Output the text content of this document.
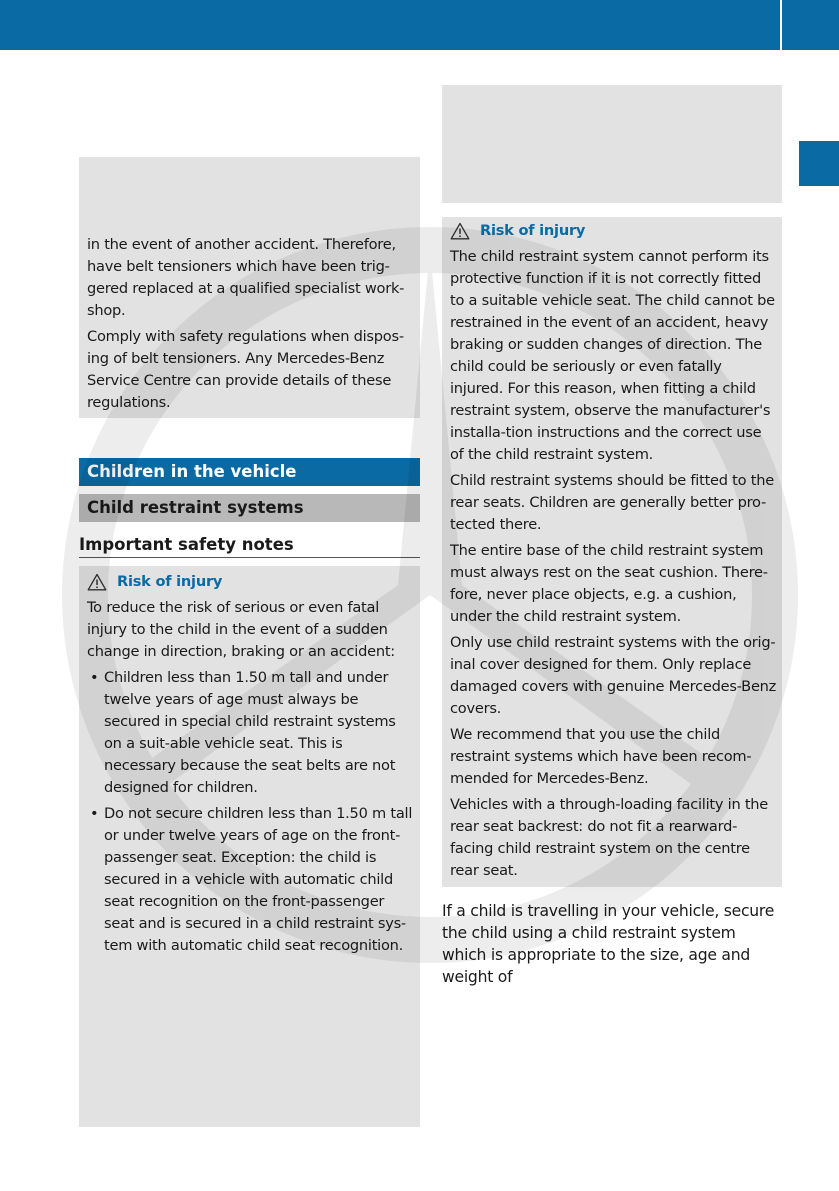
in the event of another accident. Therefore, have belt tensioners which have been trig-gered replaced at a qualified specialist work-shop.

Comply with safety regulations when dispos-ing of belt tensioners. Any Mercedes-Benz Service Centre can provide details of these regulations.

Children in the vehicle
Child restraint systems
Important safety notes
Risk of injury

To reduce the risk of serious or even fatal injury to the child in the event of a sudden change in direction, braking or an accident:

• Children less than 1.50 m tall and under twelve years of age must always be secured in special child restraint systems on a suit-able vehicle seat. This is necessary because the seat belts are not designed for children.
• Do not secure children less than 1.50 m tall or under twelve years of age on the front-passenger seat. Exception: the child is secured in a vehicle with automatic child seat recognition on the front-passenger seat and is secured in a child restraint sys-tem with automatic child seat recognition.
Risk of injury

The child restraint system cannot perform its protective function if it is not correctly fitted to a suitable vehicle seat. The child cannot be restrained in the event of an accident, heavy braking or sudden changes of direction. The child could be seriously or even fatally injured. For this reason, when fitting a child restraint system, observe the manufacturer's installa-tion instructions and the correct use of the child restraint system.

Child restraint systems should be fitted to the rear seats. Children are generally better pro-tected there.

The entire base of the child restraint system must always rest on the seat cushion. There-fore, never place objects, e.g. a cushion, under the child restraint system.

Only use child restraint systems with the orig-inal cover designed for them. Only replace damaged covers with genuine Mercedes-Benz covers.

We recommend that you use the child restraint systems which have been recom-mended for Mercedes-Benz.

Vehicles with a through-loading facility in the rear seat backrest: do not fit a rearward-facing child restraint system on the centre rear seat.

If a child is travelling in your vehicle, secure the child using a child restraint system which is appropriate to the size, age and weight of
